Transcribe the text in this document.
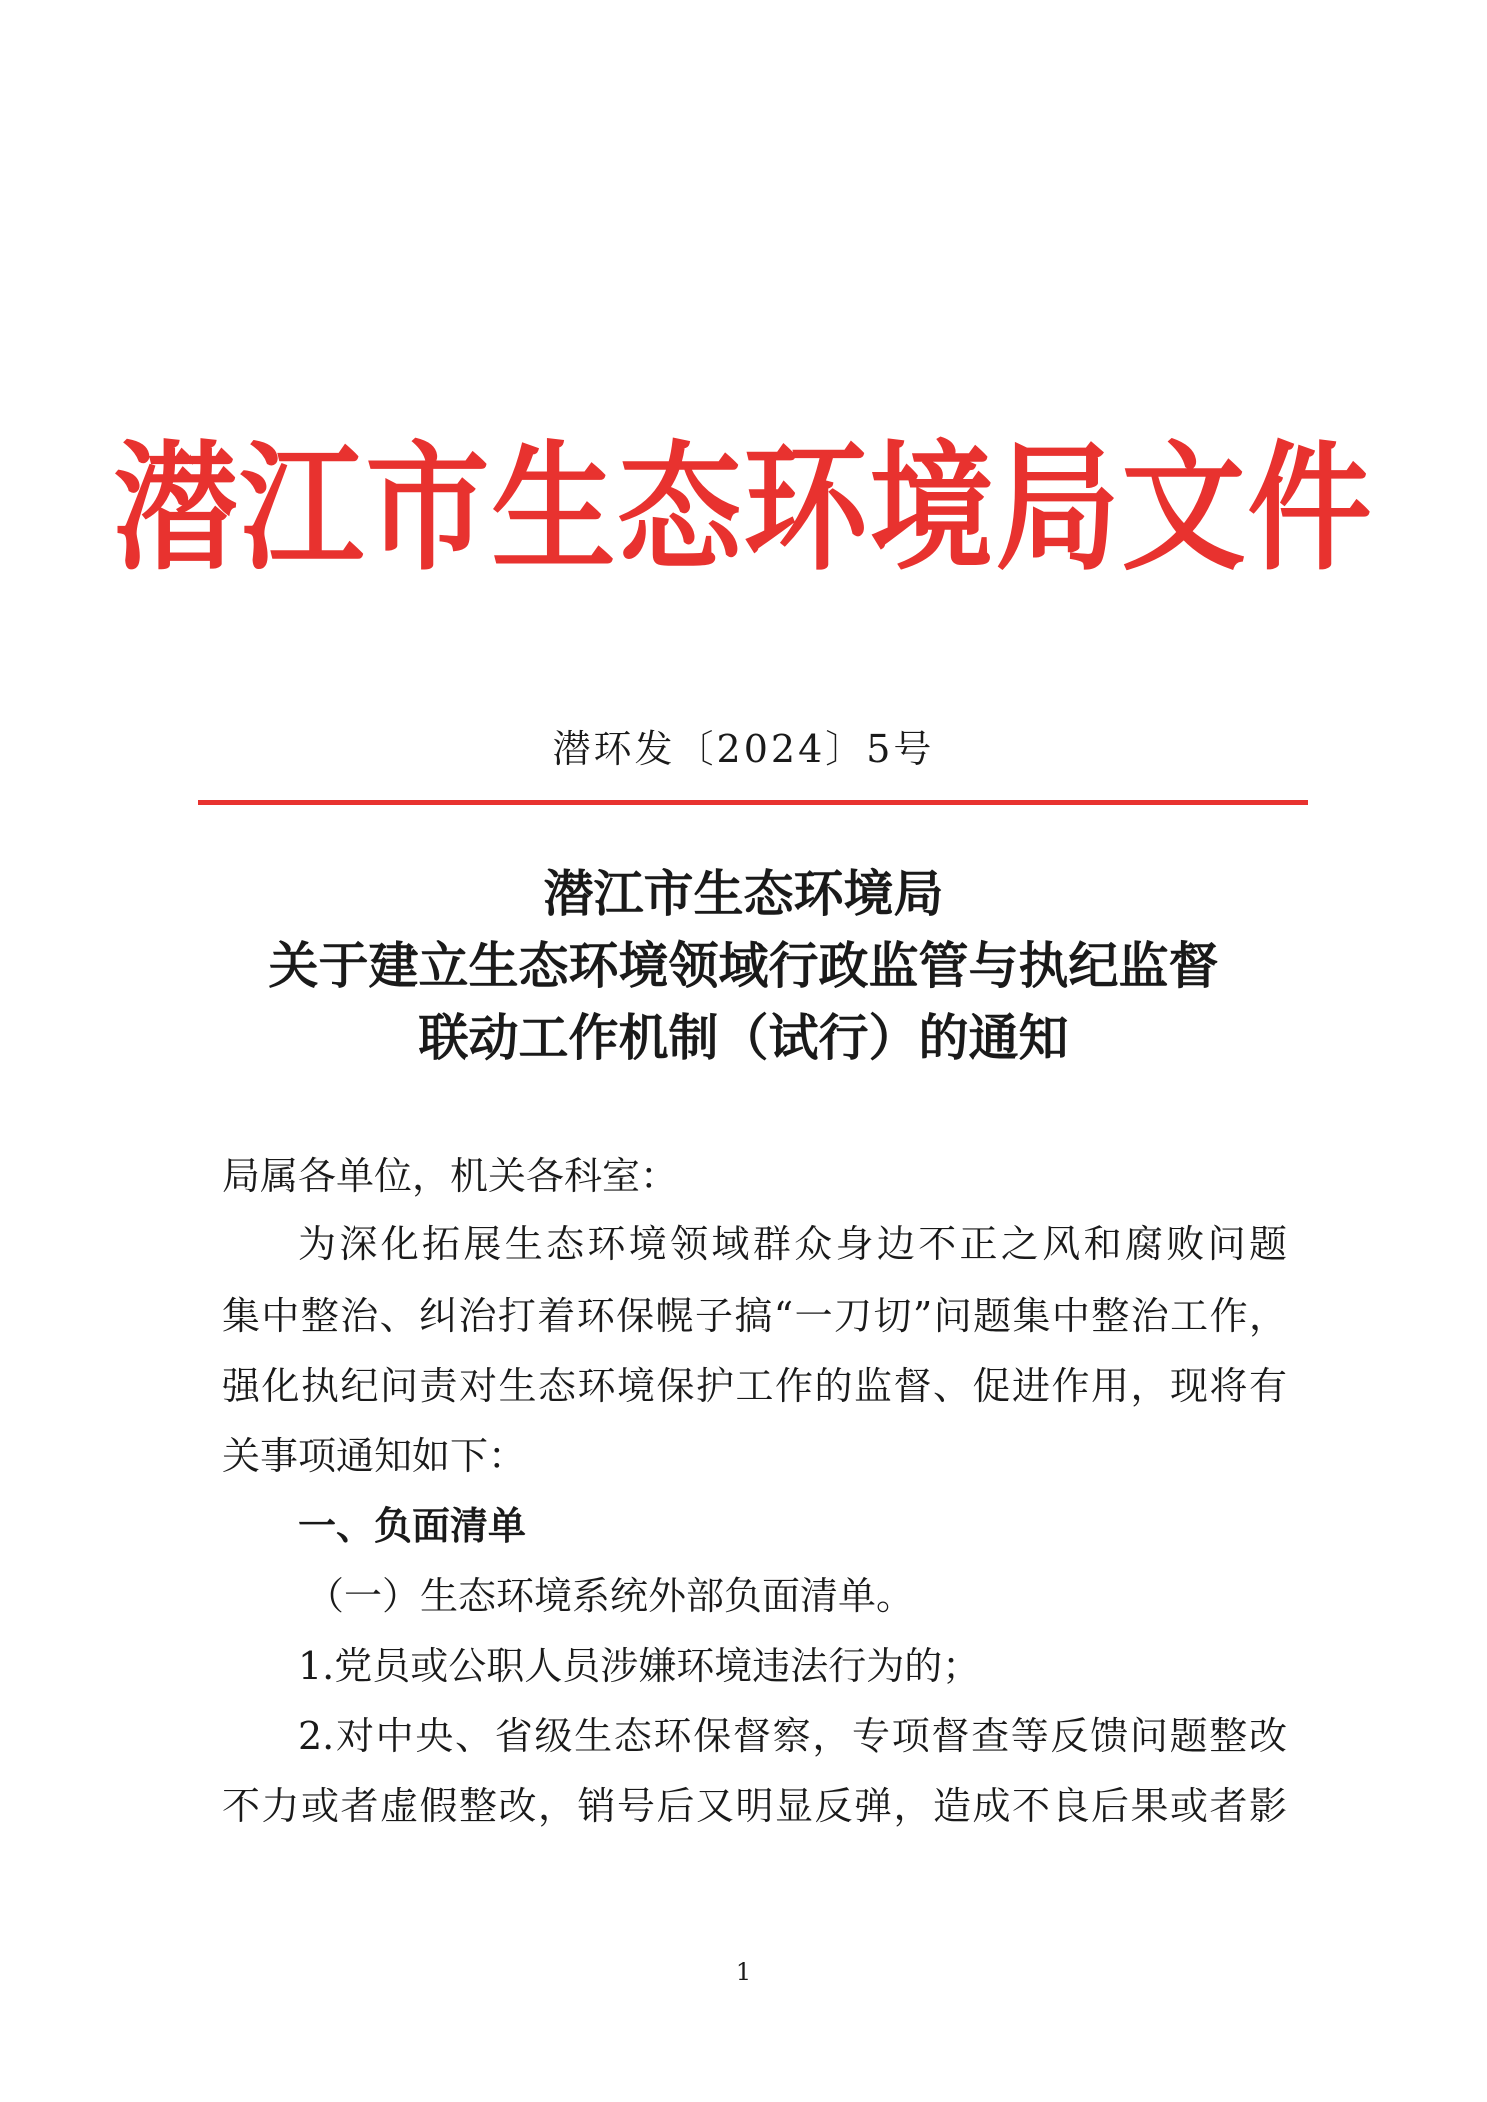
潜江市生态环境局文件
潜环发〔2024〕5号
潜江市生态环境局
关于建立生态环境领域行政监管与执纪监督
联动工作机制（试行）的通知
局属各单位，机关各科室：
为深化拓展生态环境领域群众身边不正之风和腐败问题
集中整治、纠治打着环保幌子搞“一刀切”问题集中整治工作，
强化执纪问责对生态环境保护工作的监督、促进作用，现将有
关事项通知如下：
一、负面清单
（一）生态环境系统外部负面清单。
1.党员或公职人员涉嫌环境违法行为的；
2.对中央、省级生态环保督察，专项督查等反馈问题整改
不力或者虚假整改，销号后又明显反弹，造成不良后果或者影
1
